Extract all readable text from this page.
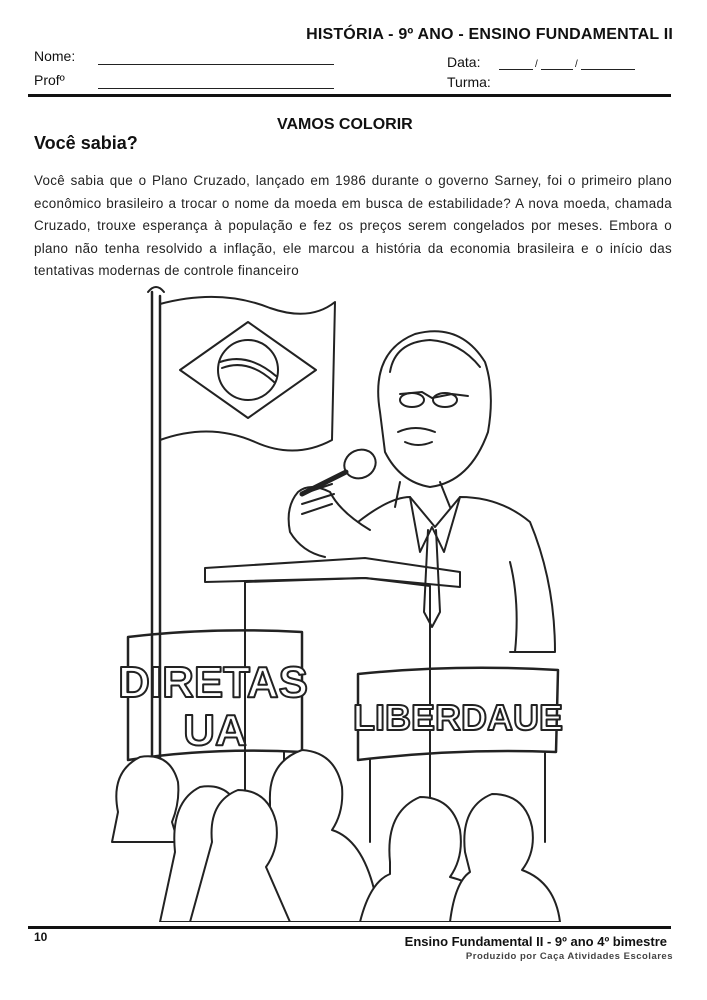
HISTÓRIA - 9º ANO - ENSINO FUNDAMENTAL II
Nome:
Profº
Data:	/	/
Turma:
VAMOS COLORIR
Você sabia?
Você sabia que o Plano Cruzado, lançado em 1986 durante o governo Sarney, foi o primeiro plano econômico brasileiro a trocar o nome da moeda em busca de estabilidade? A nova moeda, chamada Cruzado, trouxe esperança à população e fez os preços serem congelados por meses. Embora o plano não tenha resolvido a inflação, ele marcou a história da economia brasileira e o início das tentativas modernas de controle financeiro
DIRETAS
UA	LIBERDAUE
10	Ensino Fundamental II - 9º ano 4º bimestre
Produzido por Caça Atividades Escolares
